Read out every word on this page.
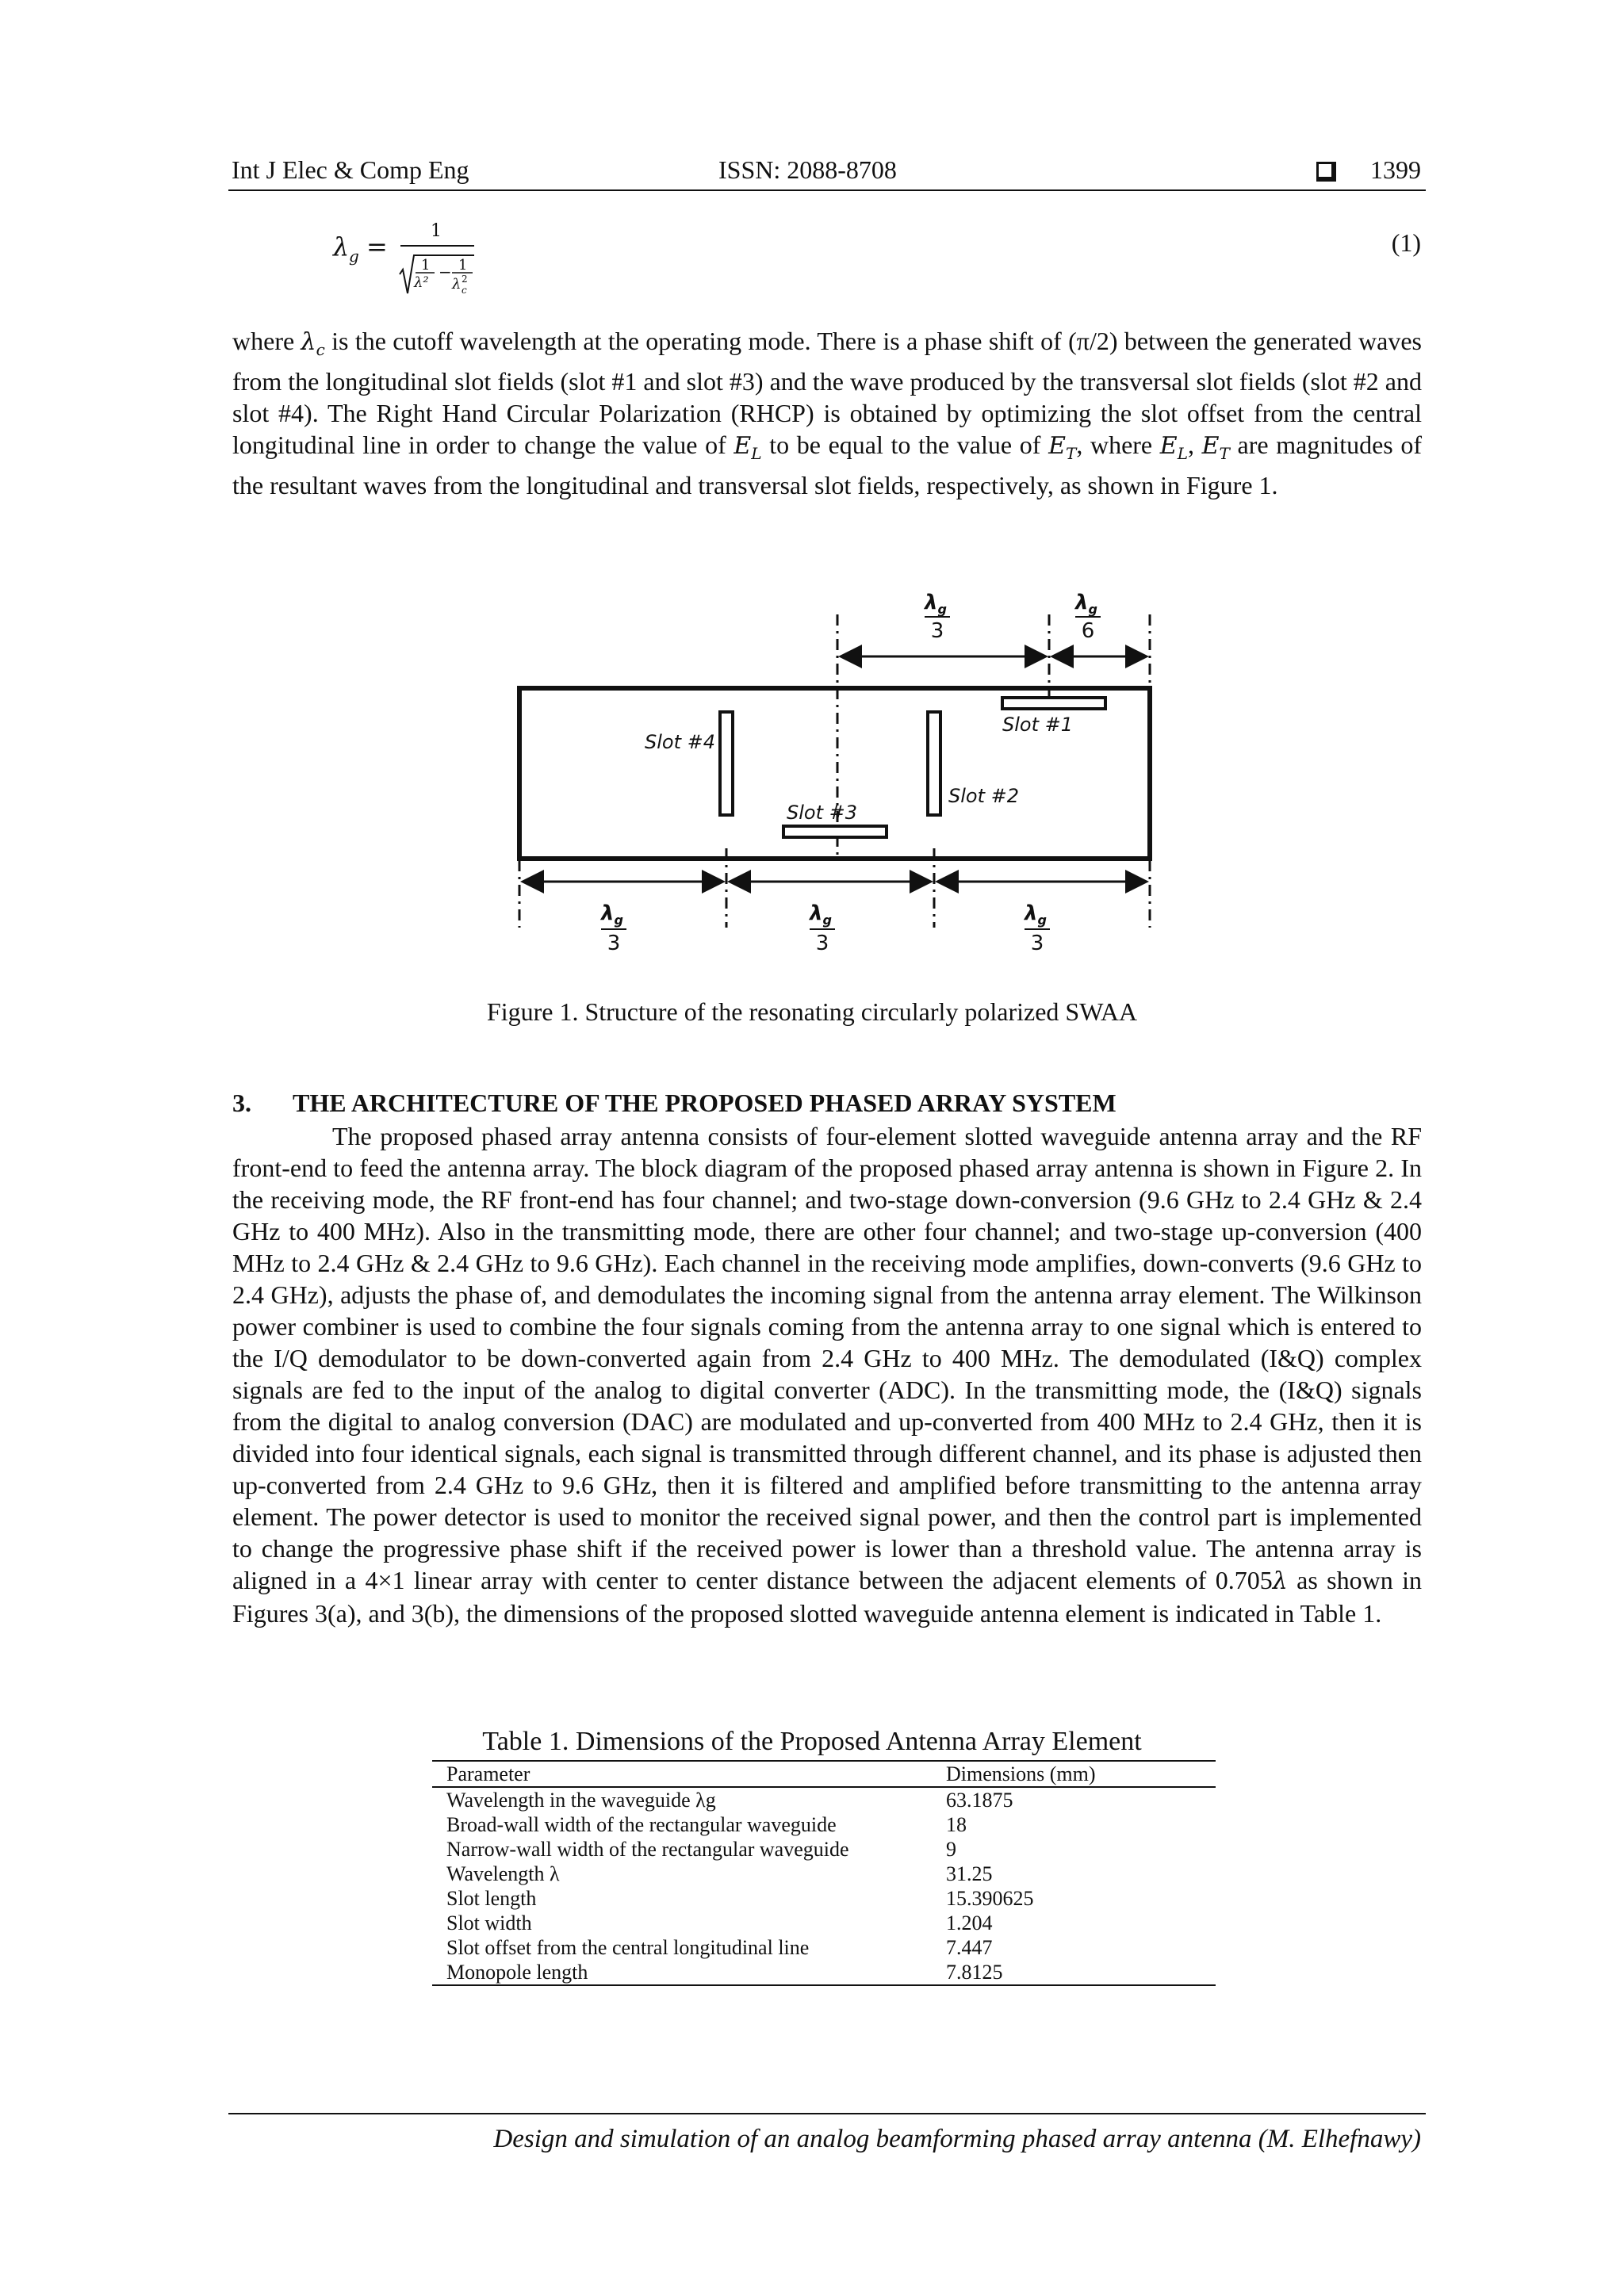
Int J Elec & Comp Eng	ISSN: 2088-8708	1399
λ g =
1
1
λ²
− 1
λ 2
c
(1)
where $\lambda_c$ is the cutoff wavelength at the operating mode. There is a phase shift of (π/2) between the generated waves from the longitudinal slot fields (slot #1 and slot #3) and the wave produced by the transversal slot fields (slot #2 and slot #4). The Right Hand Circular Polarization (RHCP) is obtained by optimizing the slot offset from the central longitudinal line in order to change the value of $E_L$ to be equal to the value of $E_T$, where $E_L$, $E_T$ are magnitudes of the resultant waves from the longitudinal and transversal slot fields, respectively, as shown in Figure 1.
Slot #1
Slot #2
Slot #3
Slot #4
$\lambda_g$
3
$\lambda_g$
6
$\lambda_g$
3
$\lambda_g$
3
$\lambda_g$
3
Figure 1. Structure of the resonating circularly polarized SWAA
3. THE ARCHITECTURE OF THE PROPOSED PHASED ARRAY SYSTEM
The proposed phased array antenna consists of four-element slotted waveguide antenna array and the RF front-end to feed the antenna array. The block diagram of the proposed phased array antenna is shown in Figure 2. In the receiving mode, the RF front-end has four channel; and two-stage down-conversion (9.6 GHz to 2.4 GHz & 2.4 GHz to 400 MHz). Also in the transmitting mode, there are other four channel; and two-stage up-conversion (400 MHz to 2.4 GHz & 2.4 GHz to 9.6 GHz). Each channel in the receiving mode amplifies, down-converts (9.6 GHz to 2.4 GHz), adjusts the phase of, and demodulates the incoming signal from the antenna array element. The Wilkinson power combiner is used to combine the four signals coming from the antenna array to one signal which is entered to the I/Q demodulator to be down-converted again from 2.4 GHz to 400 MHz. The demodulated (I&Q) complex signals are fed to the input of the analog to digital converter (ADC). In the transmitting mode, the (I&Q) signals from the digital to analog conversion (DAC) are modulated and up-converted from 400 MHz to 2.4 GHz, then it is divided into four identical signals, each signal is transmitted through different channel, and its phase is adjusted then up-converted from 2.4 GHz to 9.6 GHz, then it is filtered and amplified before transmitting to the antenna array element. The power detector is used to monitor the received signal power, and then the control part is implemented to change the progressive phase shift if the received power is lower than a threshold value. The antenna array is aligned in a 4×1 linear array with center to center distance between the adjacent elements of 0.705λ as shown in Figures 3(a), and 3(b), the dimensions of the proposed slotted waveguide antenna element is indicated in Table 1.
Table 1. Dimensions of the Proposed Antenna Array Element
Parameter	Dimensions (mm)
Wavelength in the waveguide λg	63.1875
Broad-wall width of the rectangular waveguide	18
Narrow-wall width of the rectangular waveguide	9
Wavelength λ	31.25
Slot length	15.390625
Slot width	1.204
Slot offset from the central longitudinal line	7.447
Monopole length	7.8125
Design and simulation of an analog beamforming phased array antenna (M. Elhefnawy)
